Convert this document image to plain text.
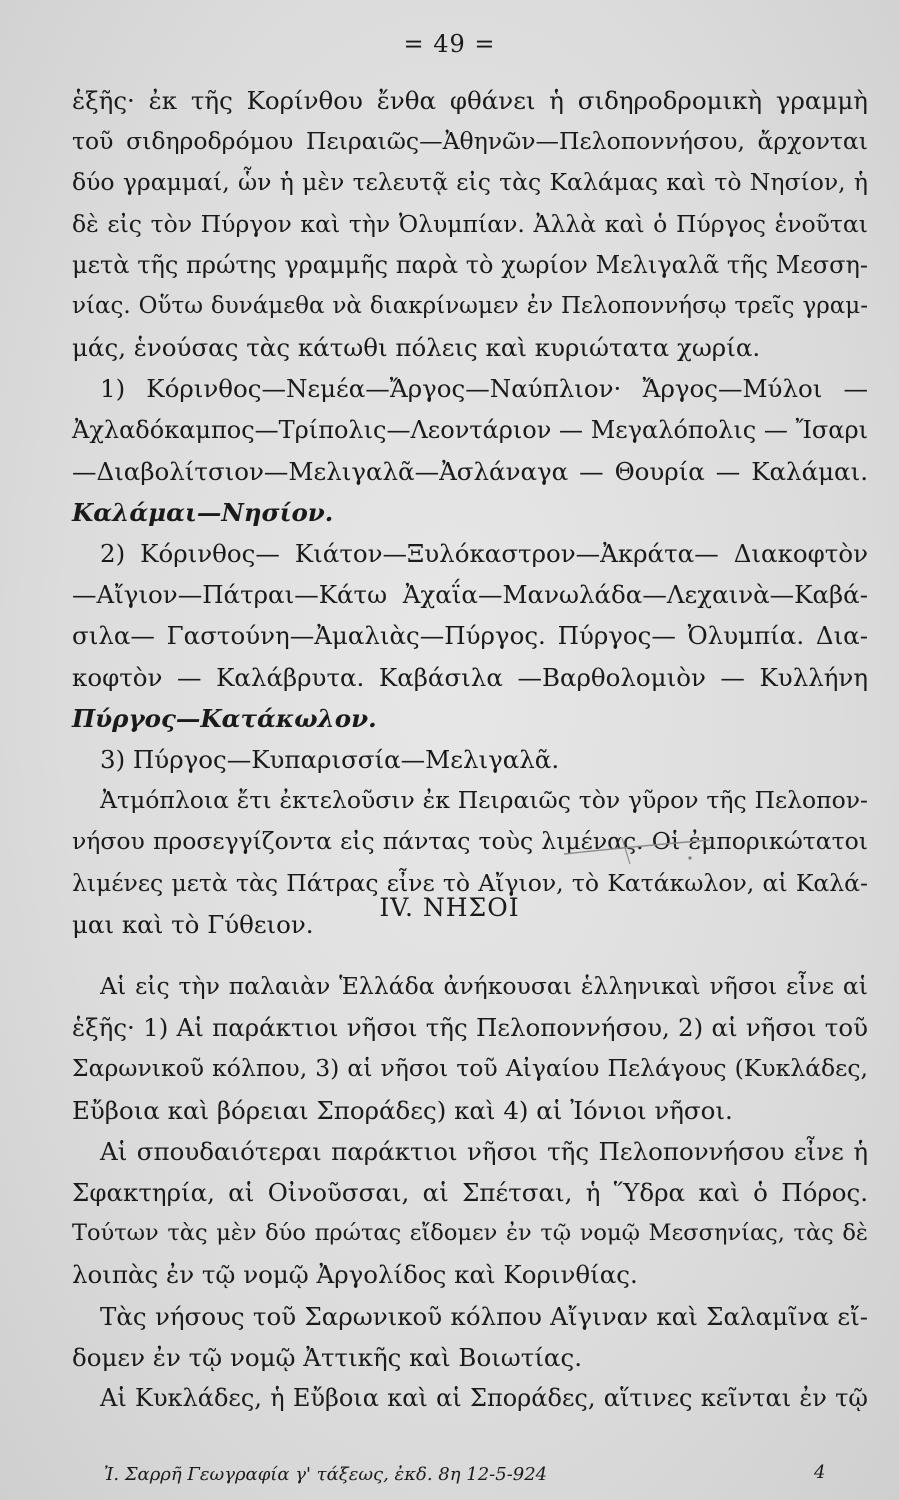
= 49 =
ἑξῆς· ἐκ τῆς Κορίνθου ἔνθα φθάνει ἡ σιδηροδρομικὴ γραμμὴ
τοῦ σιδηροδρόμου Πειραιῶς—Ἀθηνῶν—Πελοποννήσου, ἄρχονται
δύο γραμμαί, ὧν ἡ μὲν τελευτᾷ εἰς τὰς Καλάμας καὶ τὸ Νησίον, ἡ
δὲ εἰς τὸν Πύργον καὶ τὴν Ὀλυμπίαν. Ἀλλὰ καὶ ὁ Πύργος ἑνοῦται
μετὰ τῆς πρώτης γραμμῆς παρὰ τὸ χωρίον Μελιγαλᾶ τῆς Μεσση-
νίας. Οὕτω δυνάμεθα νὰ διακρίνωμεν ἐν Πελοποννήσῳ τρεῖς γραμ-
μάς, ἑνούσας τὰς κάτωθι πόλεις καὶ κυριώτατα χωρία.
1) Κόρινθος—Νεμέα—Ἄργος—Ναύπλιον· Ἄργος—Μύλοι —
Ἀχλαδόκαμπος—Τρίπολις—Λεοντάριον — Μεγαλόπολις — Ἴσαρι
—Διαβολίτσιον—Μελιγαλᾶ—Ἀσλάναγα — Θουρία — Καλάμαι.
Καλάμαι—Νησίον.
2) Κόρινθος— Κιάτον—Ξυλόκαστρον—Ἀκράτα— Διακοφτὸν
—Αἴγιον—Πάτραι—Κάτω Ἀχαΐα—Μανωλάδα—Λεχαινὰ—Καβά-
σιλα— Γαστούνη—Ἀμαλιὰς—Πύργος. Πύργος— Ὀλυμπία. Δια-
κοφτὸν — Καλάβρυτα. Καβάσιλα —Βαρθολομιὸν — Κυλλήνη
Πύργος—Κατάκωλον.
3) Πύργος—Κυπαρισσία—Μελιγαλᾶ.
Ἀτμόπλοια ἔτι ἐκτελοῦσιν ἐκ Πειραιῶς τὸν γῦρον τῆς Πελοπον-
νήσου προσεγγίζοντα εἰς πάντας τοὺς λιμένας. Οἱ ἐμπορικώτατοι
λιμένες μετὰ τὰς Πάτρας εἶνε τὸ Αἴγιον, τὸ Κατάκωλον, αἱ Καλά-
μαι καὶ τὸ Γύθειον.
IV. ΝΗΣΟΙ
Αἱ εἰς τὴν παλαιὰν Ἑλλάδα ἀνήκουσαι ἑλληνικαὶ νῆσοι εἶνε αἱ
ἑξῆς· 1) Αἱ παράκτιοι νῆσοι τῆς Πελοποννήσου, 2) αἱ νῆσοι τοῦ
Σαρωνικοῦ κόλπου, 3) αἱ νῆσοι τοῦ Αἰγαίου Πελάγους (Κυκλάδες,
Εὔβοια καὶ βόρειαι Σποράδες) καὶ 4) αἱ Ἰόνιοι νῆσοι.
Αἱ σπουδαιότεραι παράκτιοι νῆσοι τῆς Πελοποννήσου εἶνε ἡ
Σφακτηρία, αἱ Οἰνοῦσσαι, αἱ Σπέτσαι, ἡ Ὕδρα καὶ ὁ Πόρος.
Τούτων τὰς μὲν δύο πρώτας εἴδομεν ἐν τῷ νομῷ Μεσσηνίας, τὰς δὲ
λοιπὰς ἐν τῷ νομῷ Ἀργολίδος καὶ Κορινθίας.
Τὰς νήσους τοῦ Σαρωνικοῦ κόλπου Αἴγιναν καὶ Σαλαμῖνα εἴ-
δομεν ἐν τῷ νομῷ Ἀττικῆς καὶ Βοιωτίας.
Αἱ Κυκλάδες, ἡ Εὔβοια καὶ αἱ Σποράδες, αἵτινες κεῖνται ἐν τῷ
Ἰ. Σαρρῆ Γεωγραφία γ' τάξεως, ἐκδ. 8η 12-5-924	4
